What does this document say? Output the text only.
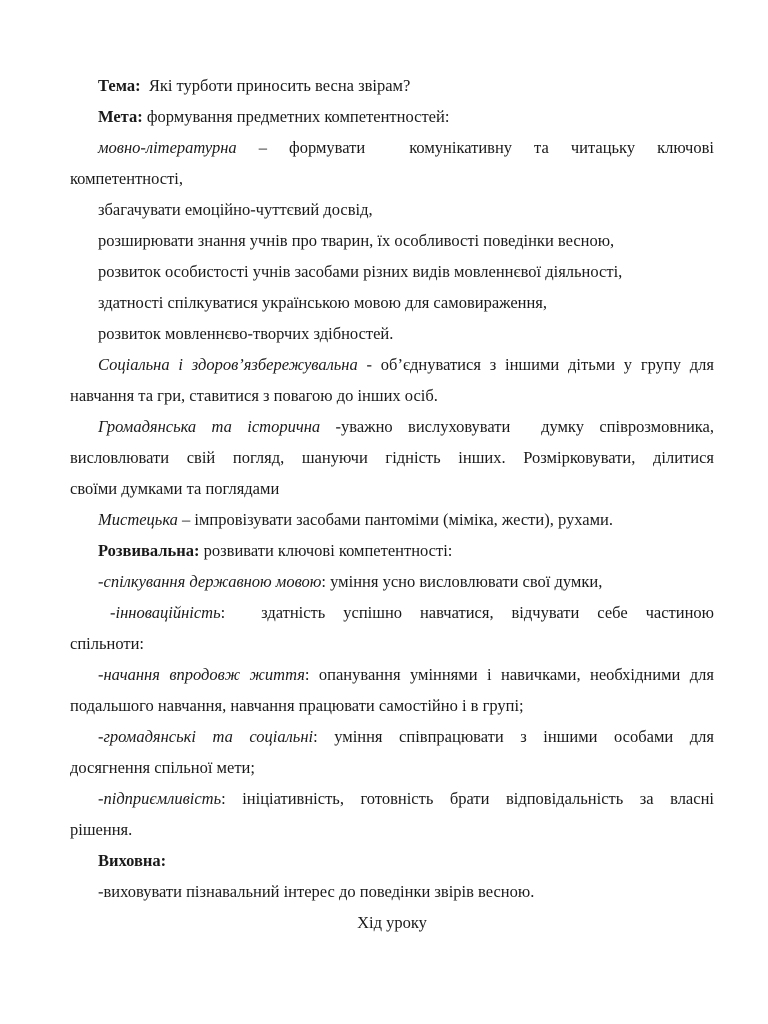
Тема:  Які турботи приносить весна звірам?
Мета: формування предметних компетентностей:
мовно-літературна – формувати  комунікативну та читацьку ключові
компетентності,
збагачувати емоційно-чуттєвий досвід,
розширювати знання учнів про тварин, їх особливості поведінки весною,
розвиток особистості учнів засобами різних видів мовленнєвої діяльності,
здатності спілкуватися українською мовою для самовираження,
розвиток мовленнєво-творчих здібностей.
Соціальна і здоров’язбережувальна - об’єднуватися з іншими дітьми у групу для
навчання та гри, ставитися з повагою до інших осіб.
Громадянська та історична -уважно вислуховувати  думку співрозмовника,
висловлювати свій погляд, шануючи гідність інших. Розмірковувати, ділитися
своїми думками та поглядами
Мистецька – імпровізувати засобами пантоміми (міміка, жести), рухами.
Розвивальна: розвивати ключові компетентності:
-спілкування державною мовою: уміння усно висловлювати свої думки,
-інноваційність:  здатність успішно навчатися, відчувати себе частиною
спільноти:
-начання впродовж життя: опанування уміннями і навичками, необхідними для
подальшого навчання, навчання працювати самостійно і в групі;
-громадянські та соціальні: уміння співпрацювати з іншими особами для
досягнення спільної мети;
-підприємливість: ініціативність, готовність брати відповідальність за власні
рішення.
Виховна:
-виховувати пізнавальний інтерес до поведінки звірів весною.
Хід уроку
